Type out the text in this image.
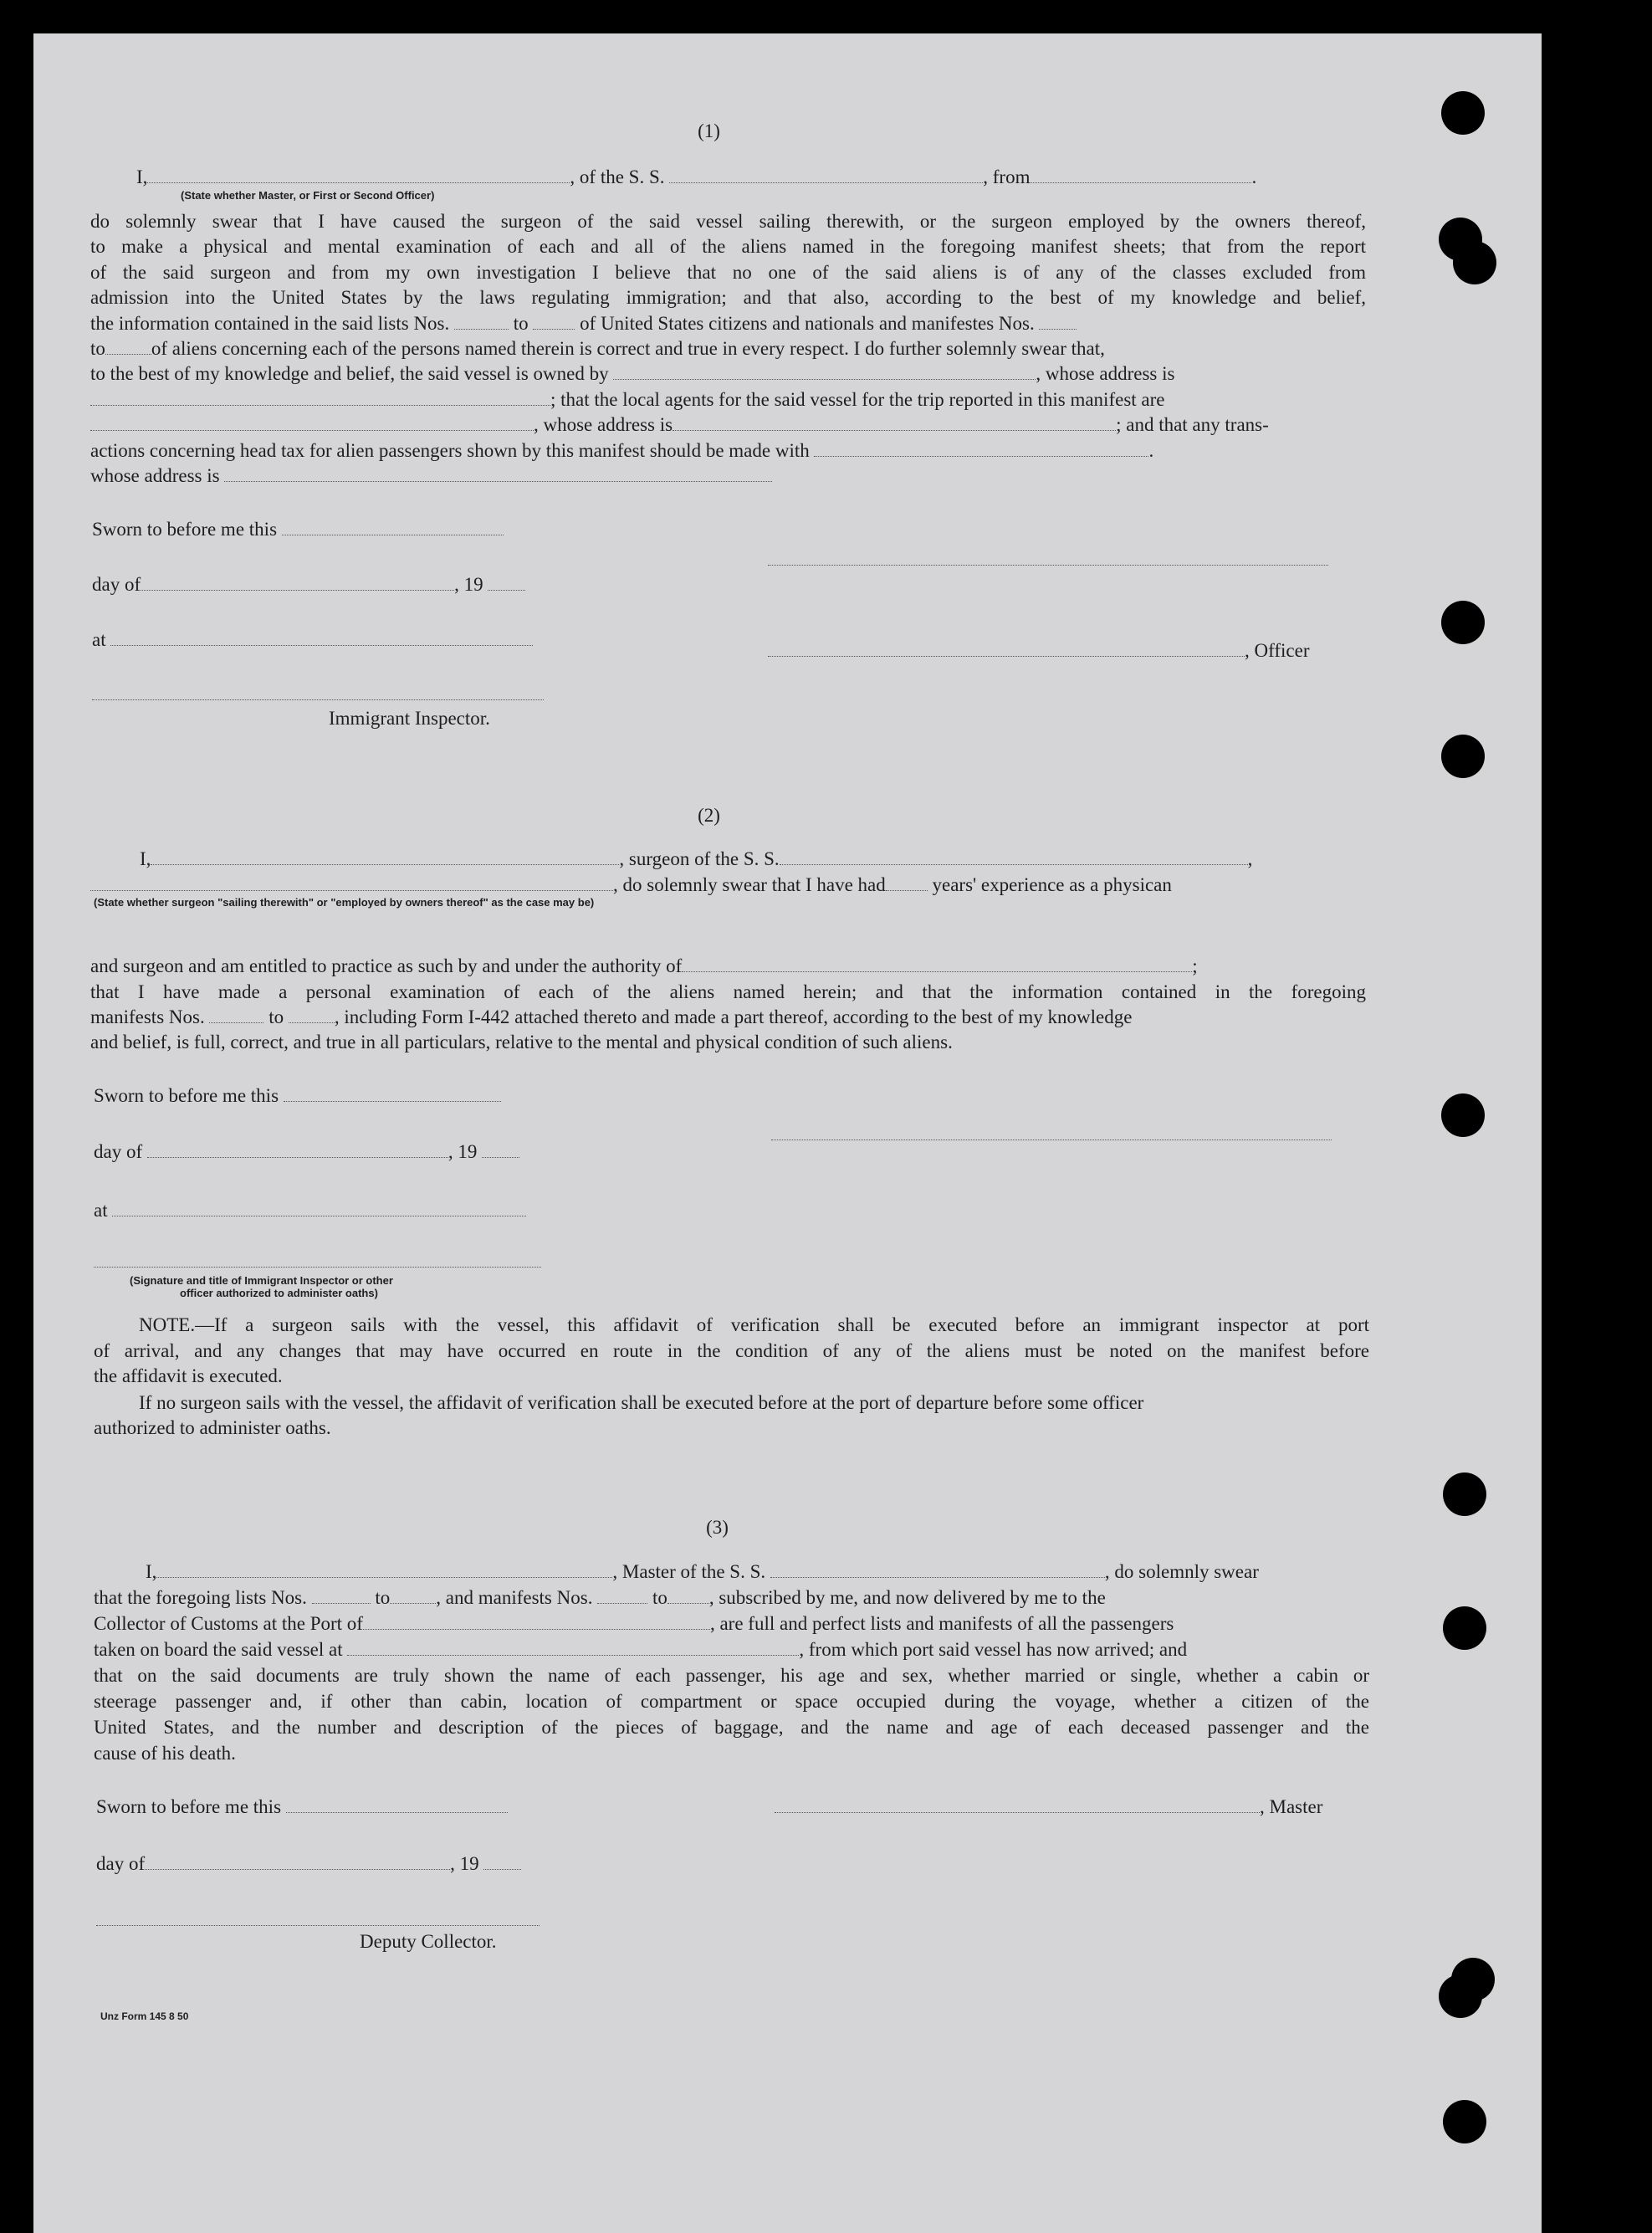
(1)
I,	, of the S. S.	, from	.
(State whether Master, or First or Second Officer)
do solemnly swear that I have caused the surgeon of the said vessel sailing therewith, or the surgeon employed by the owners thereof,
to make a physical and mental examination of each and all of the aliens named in the foregoing manifest sheets; that from the report
of the said surgeon and from my own investigation I believe that no one of the said aliens is of any of the classes excluded from
admission into the United States by the laws regulating immigration; and that also, according to the best of my knowledge and belief,
the information contained in the said lists Nos.	to	of United States citizens and nationals and manifestes Nos.
to of aliens concerning each of the persons named therein is correct and true in every respect. I do further solemnly swear that,
to the best of my knowledge and belief, the said vessel is owned by	, whose address is
; that the local agents for the said vessel for the trip reported in this manifest are
, whose address is	; and that any trans-
actions concerning head tax for alien passengers shown by this manifest should be made with	.
whose address is
Sworn to before me this
day of	, 19
at
, Officer
Immigrant Inspector.
(2)
I,	, surgeon of the S. S.	,
, do solemnly swear that I have had years' experience as a physican
(State whether surgeon "sailing therewith" or "employed by owners thereof" as the case may be)
and surgeon and am entitled to practice as such by and under the authority of	;
that I have made a personal examination of each of the aliens named herein; and that the information contained in the foregoing
manifests Nos.	to	, including Form I-442 attached thereto and made a part thereof, according to the best of my knowledge
and belief, is full, correct, and true in all particulars, relative to the mental and physical condition of such aliens.
Sworn to before me this
day of	, 19
at
(Signature and title of Immigrant Inspector or other
officer authorized to administer oaths)
NOTE.—If a surgeon sails with the vessel, this affidavit of verification shall be executed before an immigrant inspector at port
of arrival, and any changes that may have occurred en route in the condition of any of the aliens must be noted on the manifest before
the affidavit is executed.
If no surgeon sails with the vessel, the affidavit of verification shall be executed before at the port of departure before some officer
authorized to administer oaths.
(3)
I,	, Master of the S. S.	, do solemnly swear
that the foregoing lists Nos.	to , and manifests Nos.	to , subscribed by me, and now delivered by me to the
Collector of Customs at the Port of	, are full and perfect lists and manifests of all the passengers
taken on board the said vessel at	, from which port said vessel has now arrived; and
that on the said documents are truly shown the name of each passenger, his age and sex, whether married or single, whether a cabin or
steerage passenger and, if other than cabin, location of compartment or space occupied during the voyage, whether a citizen of the
United States, and the number and description of the pieces of baggage, and the name and age of each deceased passenger and the
cause of his death.
Sworn to before me this	, Master
day of	, 19
Deputy Collector.
Unz Form 145 8 50
